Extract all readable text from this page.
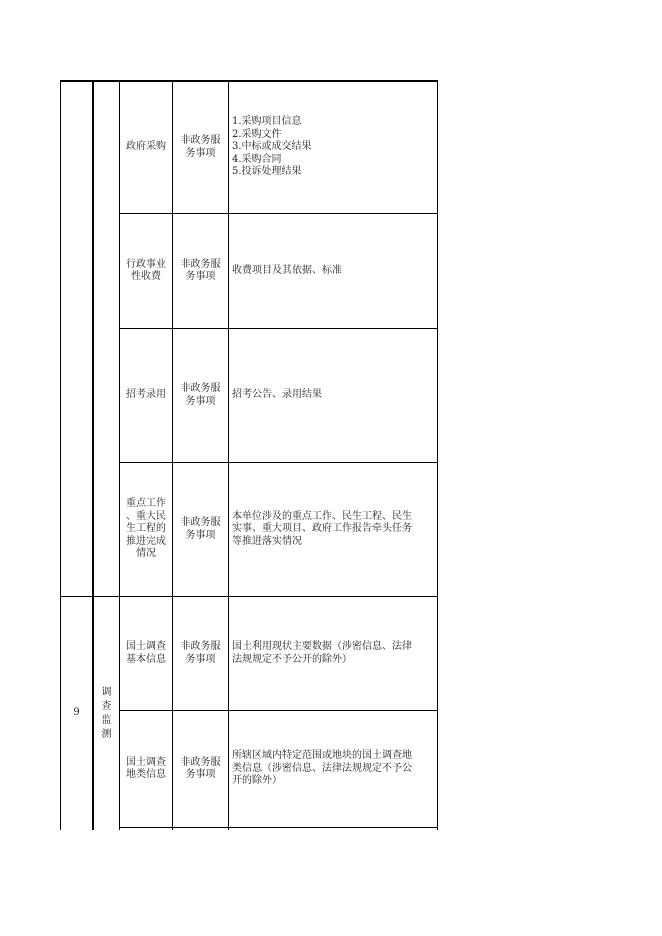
9
调
查
监
测
政府采购
非政务服
务事项
1.采购项目信息
2.采购文件
3.中标或成交结果
4.采购合同
5.投诉处理结果
行政事业
性收费
非政务服
务事项
收费项目及其依据、标准
招考录用
非政务服
务事项
招考公告、录用结果
重点工作
、重大民
生工程的
推进完成
情况
非政务服
务事项
本单位涉及的重点工作、民生工程、民生
实事、重大项目、政府工作报告牵头任务
等推进落实情况
国土调查
基本信息
非政务服
务事项
国土利用现状主要数据（涉密信息、法律
法规规定不予公开的除外）
国土调查
地类信息
非政务服
务事项
所辖区域内特定范围或地块的国土调查地
类信息（涉密信息、法律法规规定不予公
开的除外）
